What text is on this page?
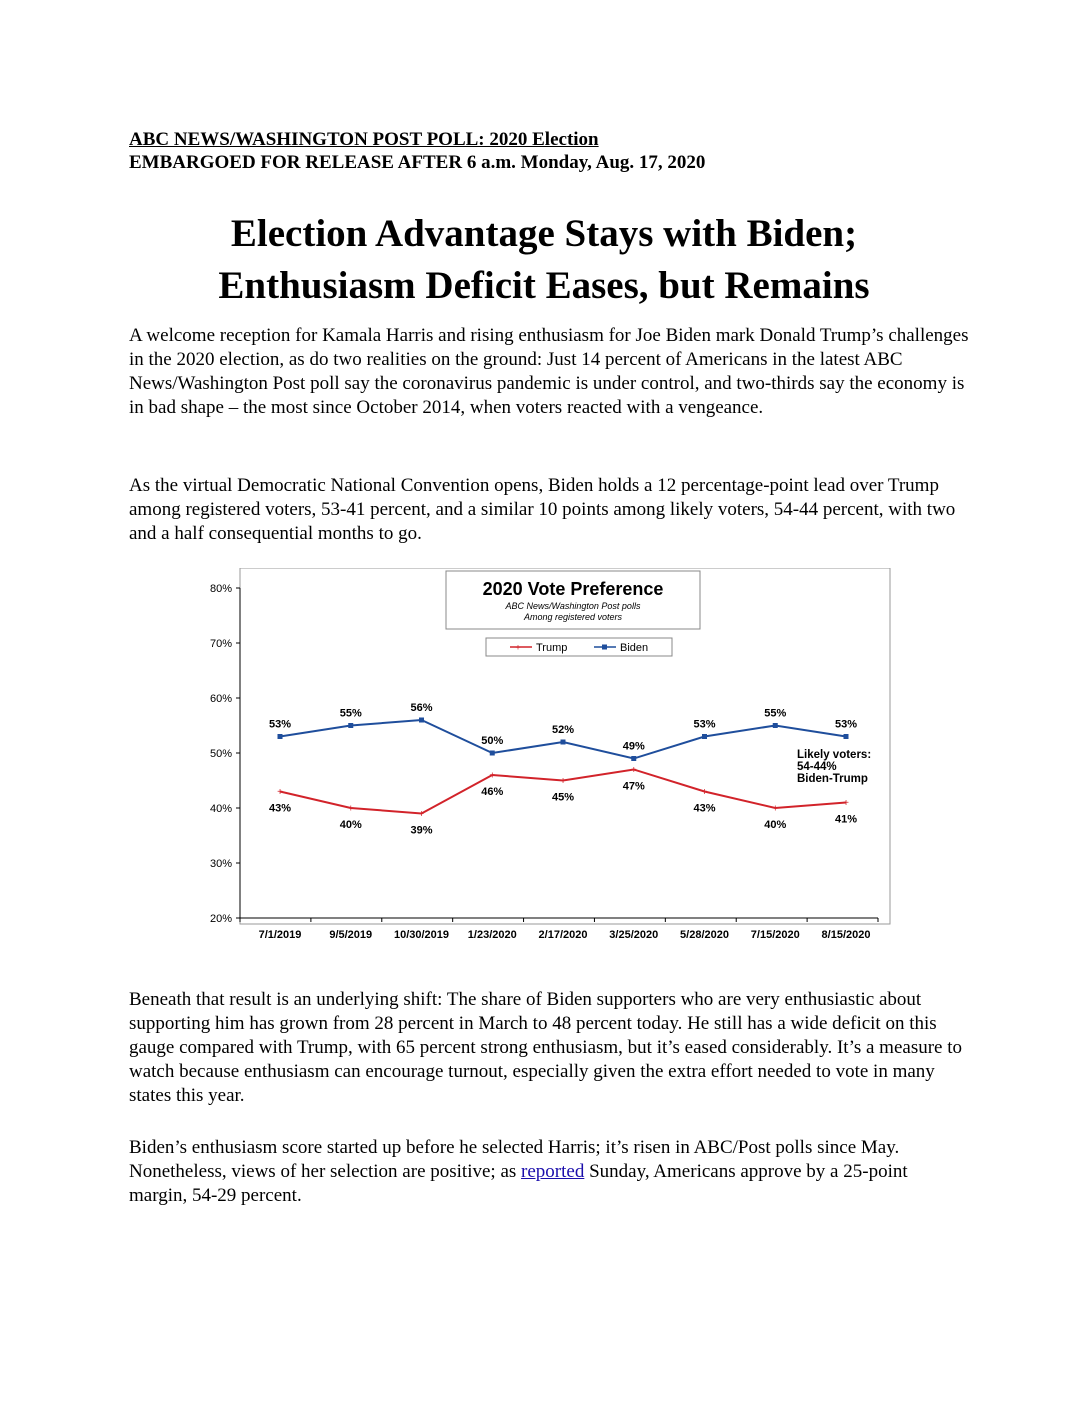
ABC NEWS/WASHINGTON POST POLL: 2020 Election
EMBARGOED FOR RELEASE AFTER 6 a.m. Monday, Aug. 17, 2020
Election Advantage Stays with Biden;
Enthusiasm Deficit Eases, but Remains

A welcome reception for Kamala Harris and rising enthusiasm for Joe Biden mark Donald Trump’s challenges in the 2020 election, as do two realities on the ground: Just 14 percent of Americans in the latest ABC News/Washington Post poll say the coronavirus pandemic is under control, and two-thirds say the economy is in bad shape – the most since October 2014, when voters reacted with a vengeance.

As the virtual Democratic National Convention opens, Biden holds a 12 percentage-point lead over Trump among registered voters, 53-41 percent, and a similar 10 points among likely voters, 54-44 percent, with two and a half consequential months to go.

20%
30%
40%
50%
60%
70%
80%
7/1/2019	9/5/2019 10/30/2019 1/23/2020 2/17/2020 3/25/2020 5/28/2020 7/15/2020 8/15/2020
+
43%	+
40%
+
39%
+
46%
+
45%
+
47%	+
43%	+
40%
+
41%
53%
55%	56%
50%
52%
49%
53%
55%
53%
2020 Vote Preference
ABC News/Washington Post polls
Among registered voters
+ Trump	Biden
Likely voters:
54-44%
Biden-Trump

Beneath that result is an underlying shift: The share of Biden supporters who are very enthusiastic about supporting him has grown from 28 percent in March to 48 percent today. He still has a wide deficit on this gauge compared with Trump, with 65 percent strong enthusiasm, but it’s eased considerably. It’s a measure to watch because enthusiasm can encourage turnout, especially given the extra effort needed to vote in many states this year.

Biden’s enthusiasm score started up before he selected Harris; it’s risen in ABC/Post polls since May. Nonetheless, views of her selection are positive; as reported Sunday, Americans approve by a 25-point margin, 54-29 percent.
